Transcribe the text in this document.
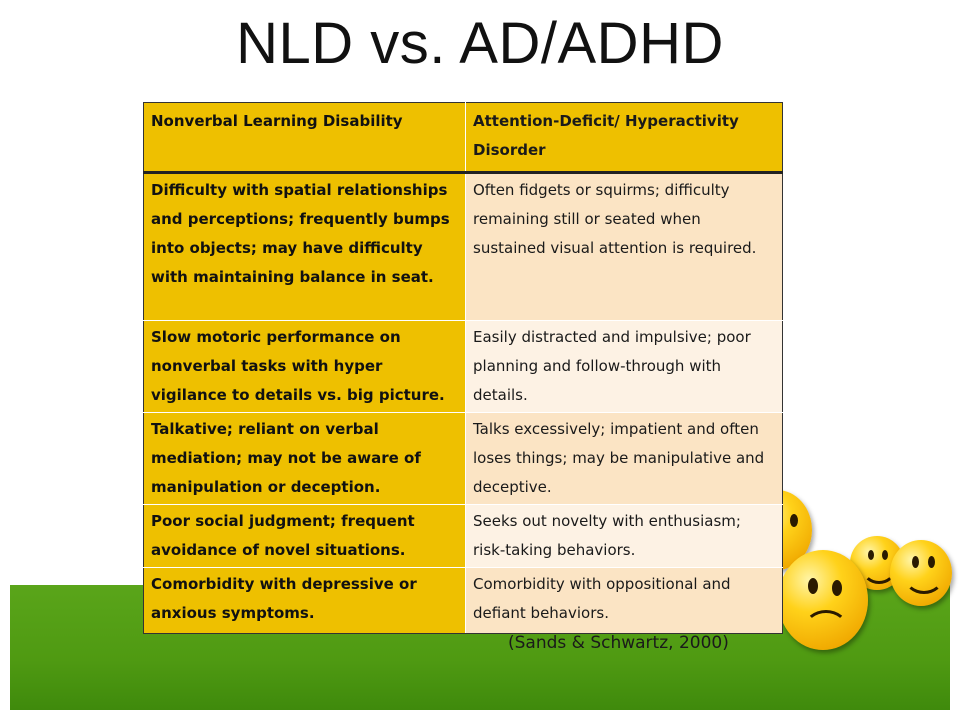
NLD vs. AD/ADHD
Nonverbal Learning Disability	Attention-Deficit/ Hyperactivity Disorder
Difficulty with spatial relationships and perceptions; frequently bumps into objects; may have difficulty with maintaining balance in seat.	Often fidgets or squirms; difficulty remaining still or seated when sustained visual attention is required.
Slow motoric performance on nonverbal tasks with hyper vigilance to details vs. big picture.	Easily distracted and impulsive; poor planning and follow-through with details.
Talkative; reliant on verbal mediation; may not be aware of manipulation or deception.	Talks excessively; impatient and often loses things; may be manipulative and deceptive.
Poor social judgment; frequent avoidance of novel situations.	Seeks out novelty with enthusiasm; risk-taking behaviors.
Comorbidity with depressive or anxious symptoms.	Comorbidity with oppositional and defiant behaviors.
(Sands & Schwartz, 2000)
